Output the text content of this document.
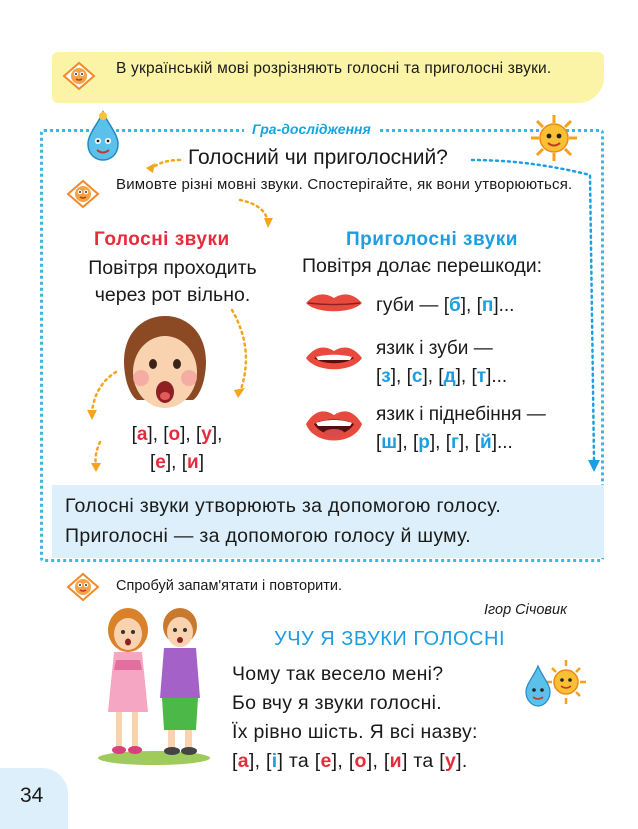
В українській мові розрізняють голосні та приголосні звуки.
Гра-дослідження
Голосний чи приголосний?
Вимовте різні мовні звуки. Спостерігайте, як вони утворюються.
Голосні звуки
Повітря проходить
через рот вільно.
[а], [о], [у],
[е], [и]
Приголосні звуки
Повітря долає перешкоди:
губи — [б], [п]...
язик і зуби —
[з], [с], [д], [т]...
язик і піднебіння —
[ш], [р], [г], [й]...
Голосні звуки утворюють за допомогою голосу.
Приголосні — за допомогою голосу й шуму.
Спробуй запам'ятати і повторити.
Ігор Січовик
УЧУ Я ЗВУКИ ГОЛОСНІ
Чому так весело мені?
Бо вчу я звуки голосні.
Їх рівно шість. Я всі назву:
[а], [і] та [е], [о], [и] та [у].
34
